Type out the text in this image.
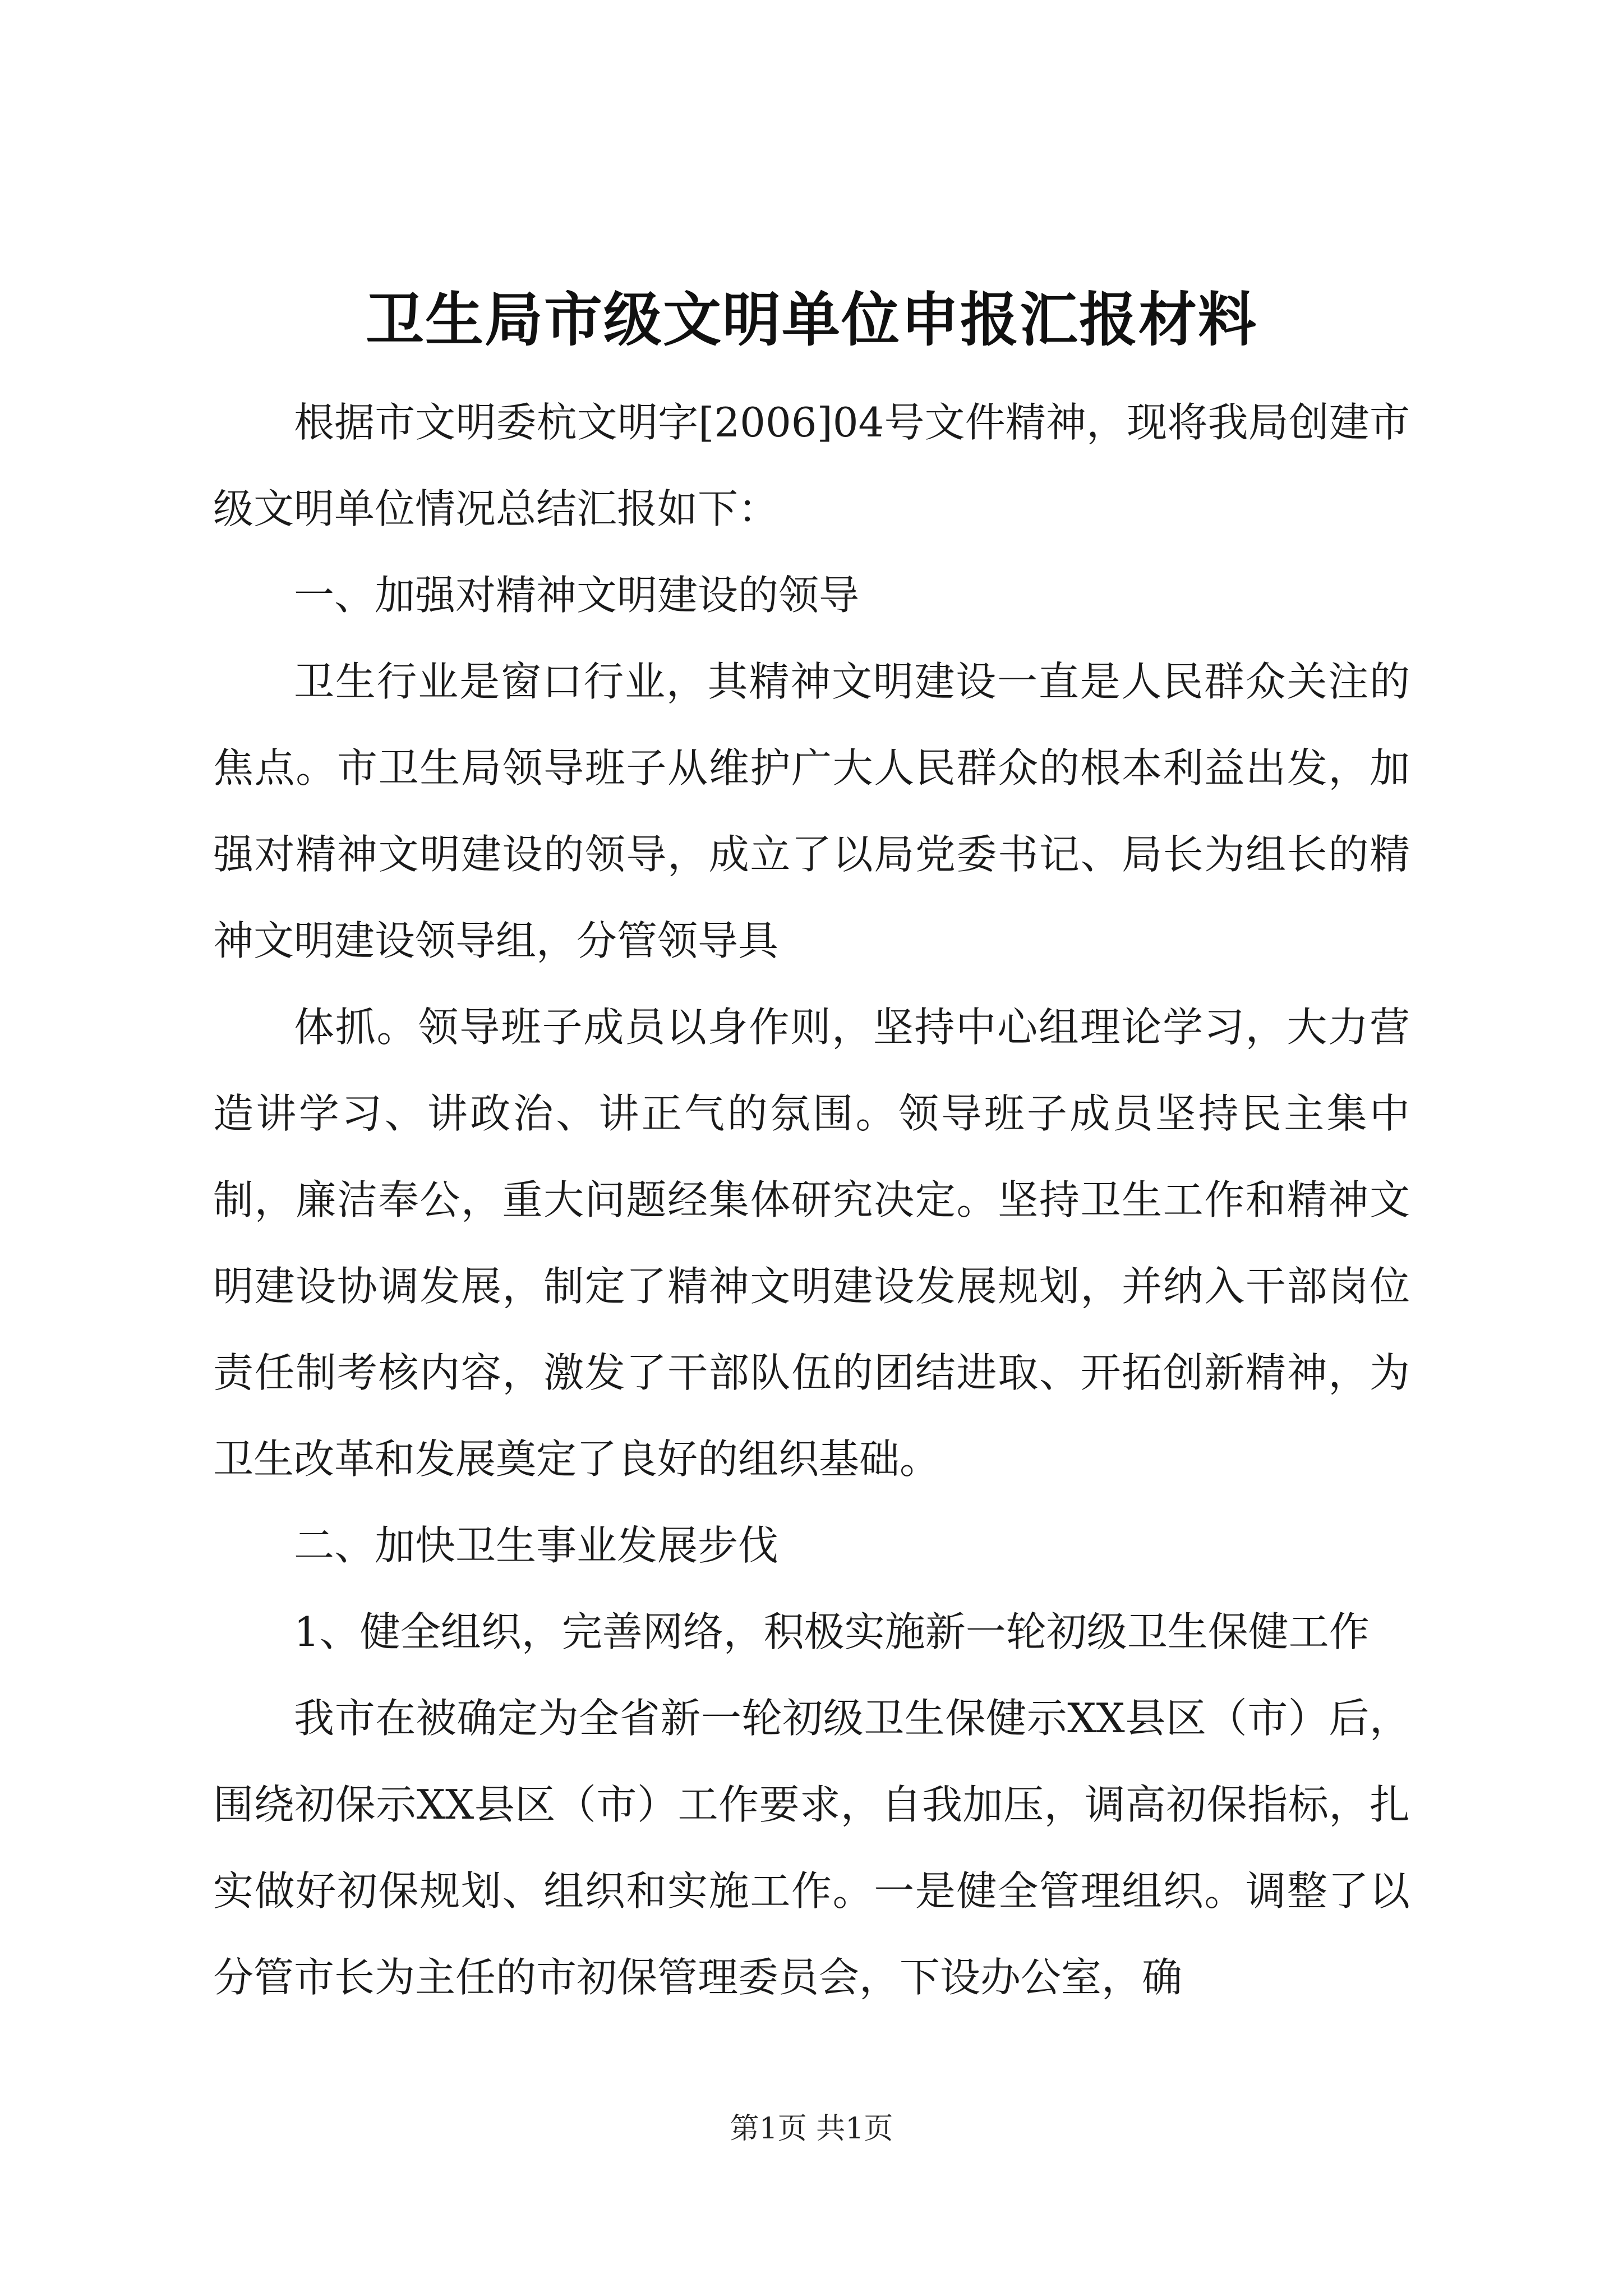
卫生局市级文明单位申报汇报材料

根据市文明委杭文明字[2006]04号文件精神，现将我局创建市级文明单位情况总结汇报如下：

一、加强对精神文明建设的领导

卫生行业是窗口行业，其精神文明建设一直是人民群众关注的焦点。市卫生局领导班子从维护广大人民群众的根本利益出发，加强对精神文明建设的领导，成立了以局党委书记、局长为组长的精神文明建设领导组，分管领导具

体抓。领导班子成员以身作则，坚持中心组理论学习，大力营造讲学习、讲政治、讲正气的氛围。领导班子成员坚持民主集中制，廉洁奉公，重大问题经集体研究决定。坚持卫生工作和精神文明建设协调发展，制定了精神文明建设发展规划，并纳入干部岗位责任制考核内容，激发了干部队伍的团结进取、开拓创新精神，为卫生改革和发展奠定了良好的组织基础。

二、加快卫生事业发展步伐

1、健全组织，完善网络，积极实施新一轮初级卫生保健工作

我市在被确定为全省新一轮初级卫生保健示XX县区（市）后，围绕初保示XX县区（市）工作要求，自我加压，调高初保指标，扎实做好初保规划、组织和实施工作。一是健全管理组织。调整了以分管市长为主任的市初保管理委员会，下设办公室，确

第1页 共1页
